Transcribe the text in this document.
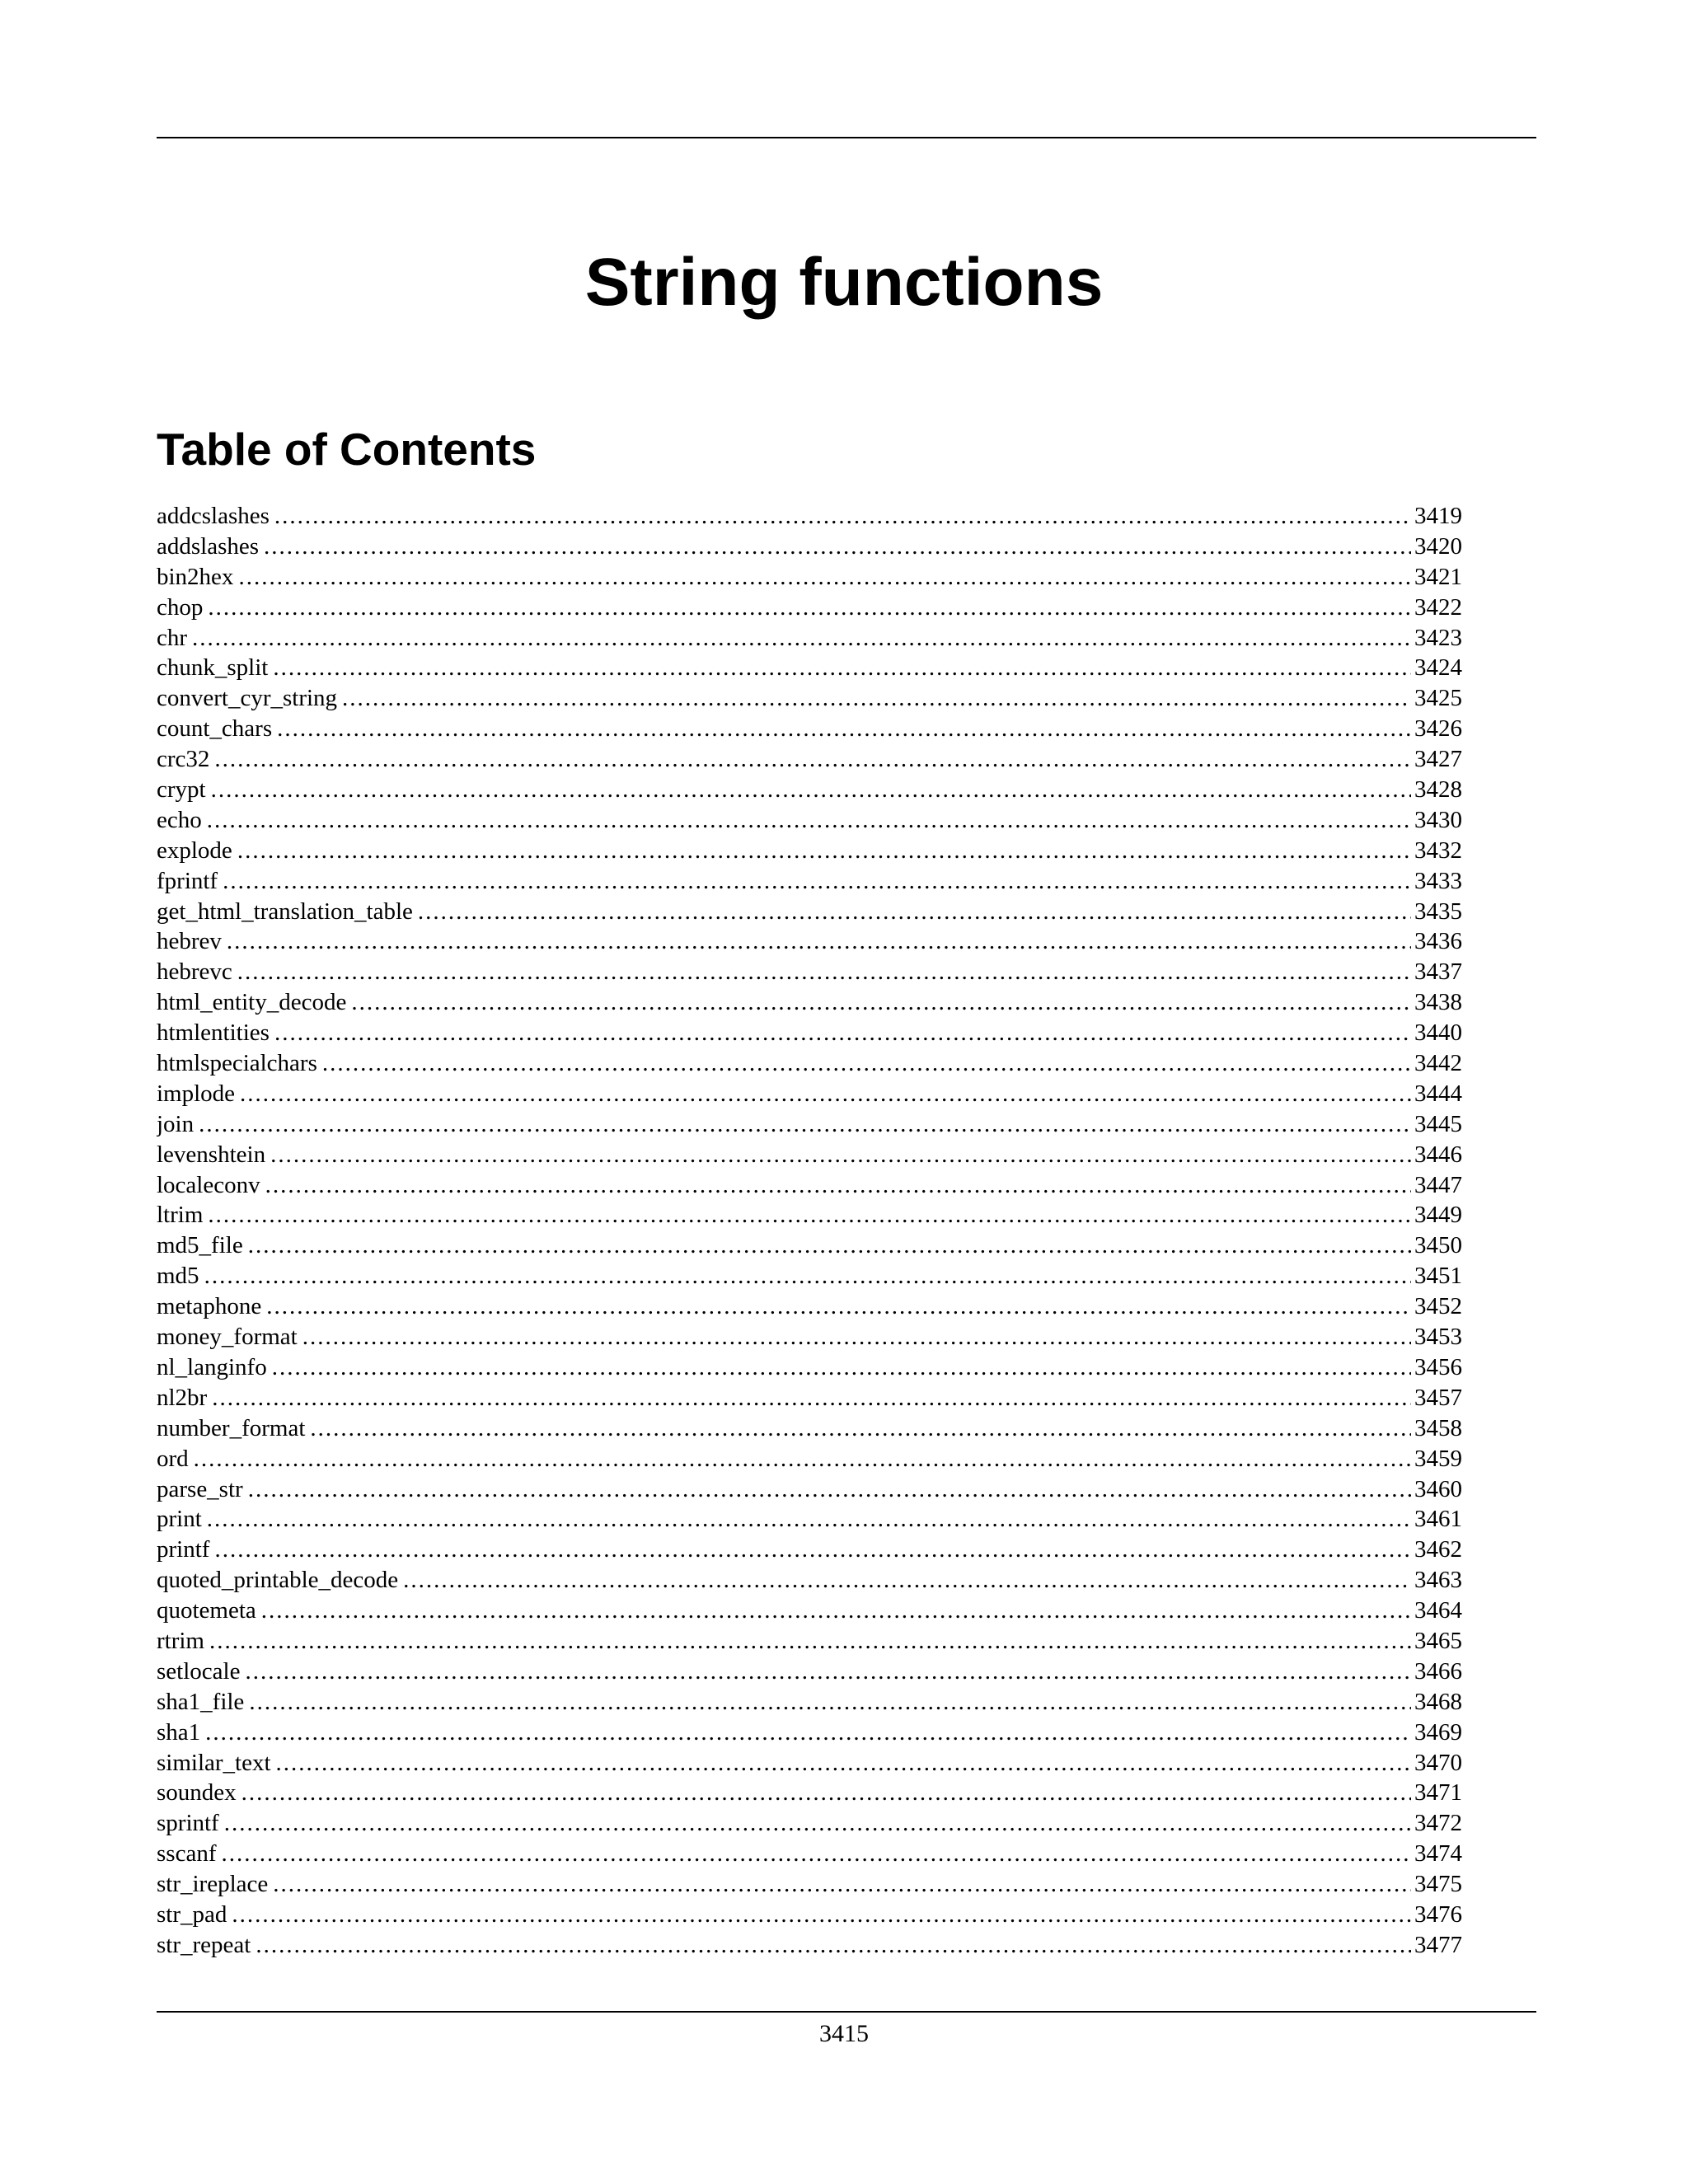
String functions
Table of Contents
addcslashes .....	3419
addslashes .....	3420
bin2hex .....	3421
chop .....	3422
chr .....	3423
chunk_split .....	3424
convert_cyr_string .....	3425
count_chars .....	3426
crc32 .....	3427
crypt .....	3428
echo .....	3430
explode .....	3432
fprintf .....	3433
get_html_translation_table .....	3435
hebrev .....	3436
hebrevc .....	3437
html_entity_decode .....	3438
htmlentities .....	3440
htmlspecialchars .....	3442
implode .....	3444
join .....	3445
levenshtein .....	3446
localeconv .....	3447
ltrim .....	3449
md5_file .....	3450
md5 .....	3451
metaphone .....	3452
money_format .....	3453
nl_langinfo .....	3456
nl2br .....	3457
number_format .....	3458
ord .....	3459
parse_str .....	3460
print .....	3461
printf .....	3462
quoted_printable_decode .....	3463
quotemeta .....	3464
rtrim .....	3465
setlocale .....	3466
sha1_file .....	3468
sha1 .....	3469
similar_text .....	3470
soundex .....	3471
sprintf .....	3472
sscanf .....	3474
str_ireplace .....	3475
str_pad .....	3476
str_repeat .....	3477
3415
